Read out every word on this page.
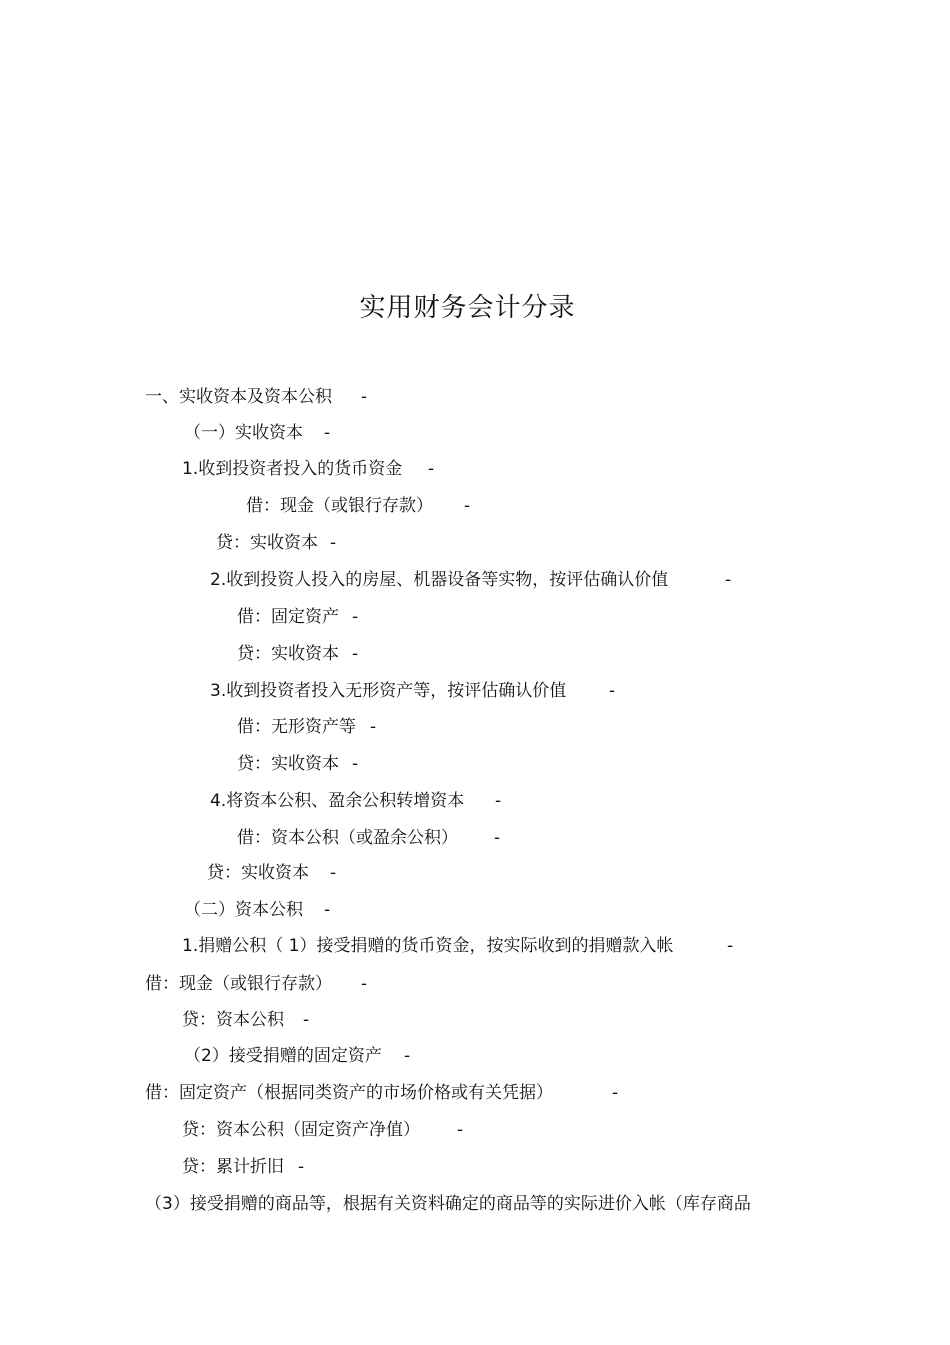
实用财务会计分录
一、实收资本及资本公积 -
（一）实收资本 -
1.收到投资者投入的货币资金 -
借：现金（或银行存款） -
贷：实收资本 -
2.收到投资人投入的房屋、机器设备等实物，按评估确认价值	-
借：固定资产 -
贷：实收资本 -
3.收到投资者投入无形资产等，按评估确认价值	-
借：无形资产等 -
贷：实收资本 -
4.将资本公积、盈余公积转增资本 -
借：资本公积（或盈余公积） -
贷：实收资本 -
（二）资本公积 -
1.捐赠公积（ 1）接受捐赠的货币资金，按实际收到的捐赠款入帐	-
借：现金（或银行存款） -
贷：资本公积 -
（2）接受捐赠的固定资产 -
借：固定资产（根据同类资产的市场价格或有关凭据）	-
贷：资本公积（固定资产净值） -
贷：累计折旧 -
（3）接受捐赠的商品等，根据有关资料确定的商品等的实际进价入帐（库存商品
